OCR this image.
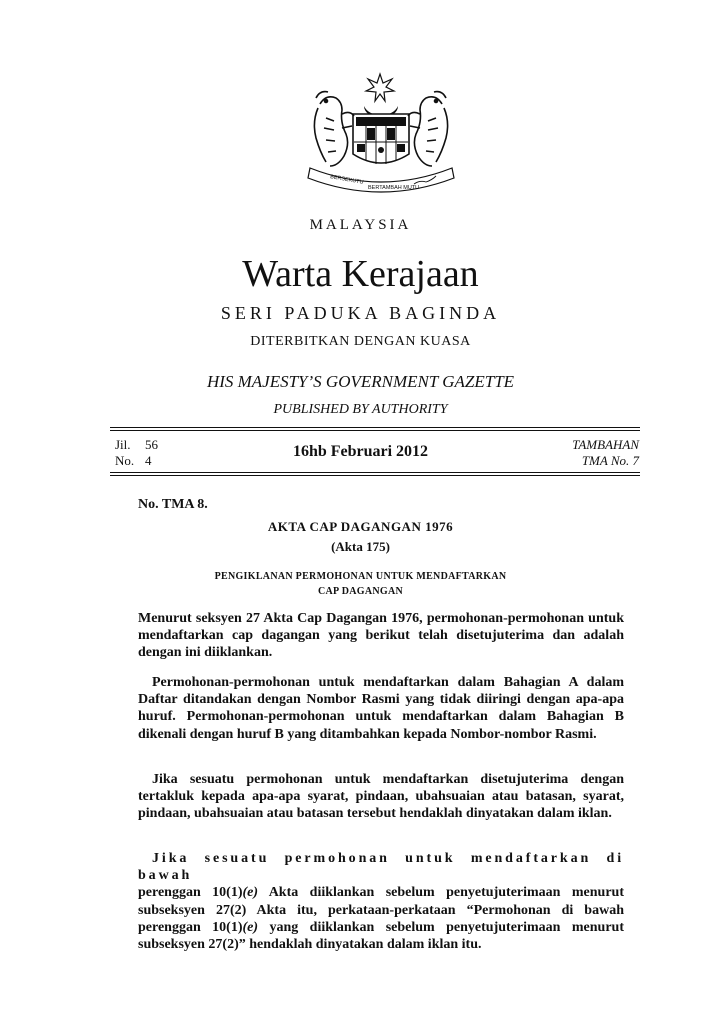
BERSEKUTU
BERTAMBAH MUTU
MALAYSIA
Warta Kerajaan
SERI PADUKA BAGINDA
DITERBITKAN DENGAN KUASA
HIS MAJESTY’S GOVERNMENT GAZETTE
PUBLISHED BY AUTHORITY
Jil. 56
No. 4
16hb Februari 2012	TAMBAHAN
TMA No. 7
No. TMA 8.
AKTA CAP DAGANGAN 1976
(Akta 175)
PENGIKLANAN PERMOHONAN UNTUK MENDAFTARKAN
CAP DAGANGAN

Menurut seksyen 27 Akta Cap Dagangan 1976, permohonan-permohonan untuk mendaftarkan cap dagangan yang berikut telah disetujuterima dan adalah dengan ini diiklankan.

Permohonan-permohonan untuk mendaftarkan dalam Bahagian A dalam Daftar ditandakan dengan Nombor Rasmi yang tidak diiringi dengan apa-apa huruf. Permohonan-permohonan untuk mendaftarkan dalam Bahagian B dikenali dengan huruf B yang ditambahkan kepada Nombor-nombor Rasmi.

Jika sesuatu permohonan untuk mendaftarkan disetujuterima dengan tertakluk kepada apa-apa syarat, pindaan, ubahsuaian atau batasan, syarat, pindaan, ubahsuaian atau batasan tersebut hendaklah dinyatakan dalam iklan.

Jika sesuatu permohonan untuk mendaftarkan di bawah
perenggan 10(1)(e) Akta diiklankan sebelum penyetujuterimaan menurut subseksyen 27(2) Akta itu, perkataan-perkataan “Permohonan di bawah perenggan 10(1)(e) yang diiklankan sebelum penyetujuterimaan menurut subseksyen 27(2)” hendaklah dinyatakan dalam iklan itu.
